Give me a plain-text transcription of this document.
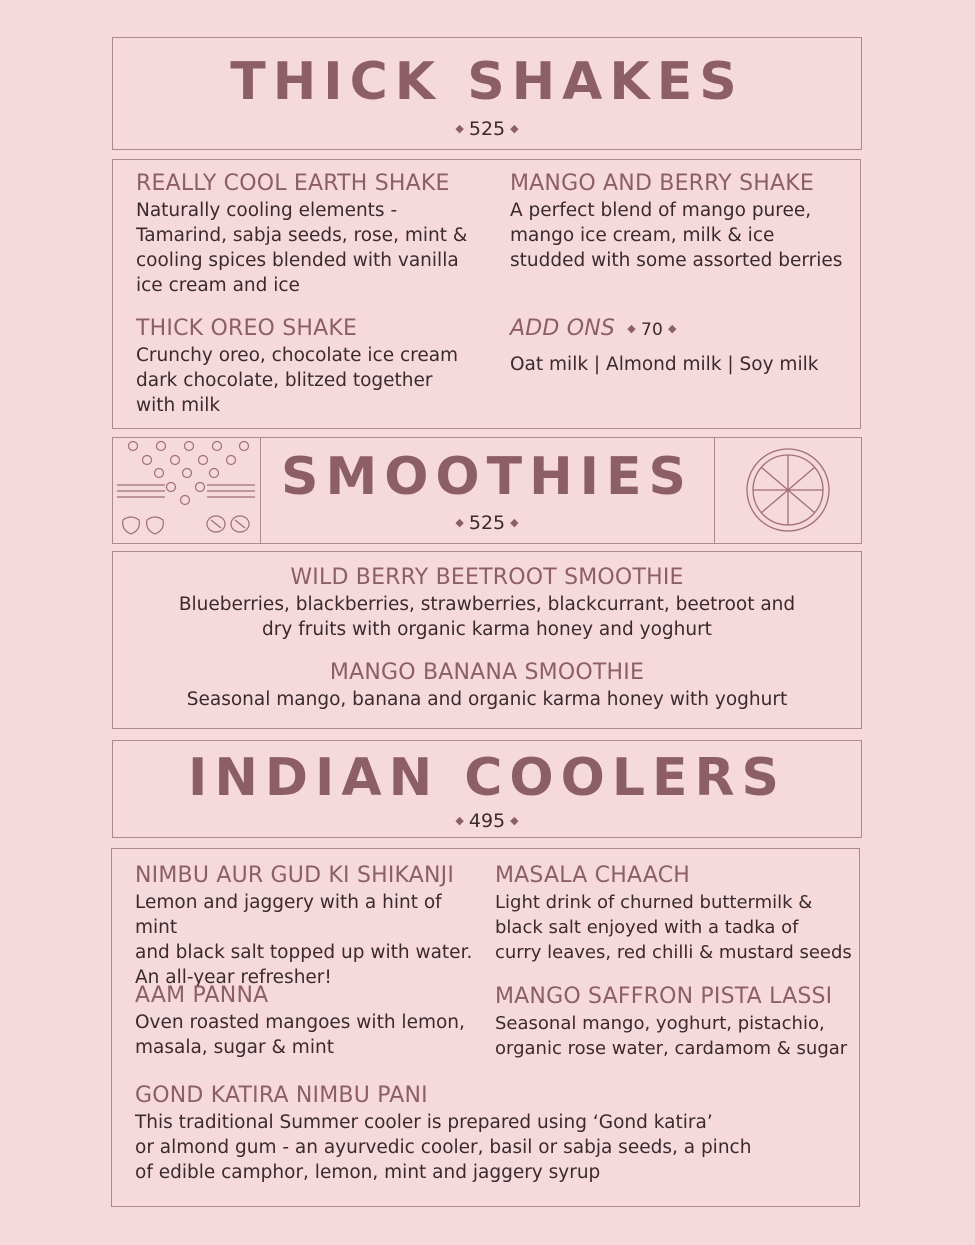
THICK SHAKES
◆ 525 ◆
REALLY COOL EARTH SHAKE
Naturally cooling elements -
Tamarind, sabja seeds, rose, mint &
cooling spices blended with vanilla
ice cream and ice
MANGO AND BERRY SHAKE
A perfect blend of mango puree,
mango ice cream, milk & ice
studded with some assorted berries
THICK OREO SHAKE
Crunchy oreo, chocolate ice cream
dark chocolate, blitzed together
with milk
ADD ONS ◆ 70 ◆
Oat milk | Almond milk | Soy milk
SMOOTHIES
◆ 525 ◆
WILD BERRY BEETROOT SMOOTHIE
Blueberries, blackberries, strawberries, blackcurrant, beetroot and
dry fruits with organic karma honey and yoghurt
MANGO BANANA SMOOTHIE
Seasonal mango, banana and organic karma honey with yoghurt
INDIAN COOLERS
◆ 495 ◆
NIMBU AUR GUD KI SHIKANJI
Lemon and jaggery with a hint of mint
and black salt topped up with water.
An all-year refresher!
MASALA CHAACH
Light drink of churned buttermilk &
black salt enjoyed with a tadka of
curry leaves, red chilli & mustard seeds
AAM PANNA
Oven roasted mangoes with lemon,
masala, sugar & mint
MANGO SAFFRON PISTA LASSI
Seasonal mango, yoghurt, pistachio,
organic rose water, cardamom & sugar
GOND KATIRA NIMBU PANI
This traditional Summer cooler is prepared using ‘Gond katira’
or almond gum - an ayurvedic cooler, basil or sabja seeds, a pinch
of edible camphor, lemon, mint and jaggery syrup
